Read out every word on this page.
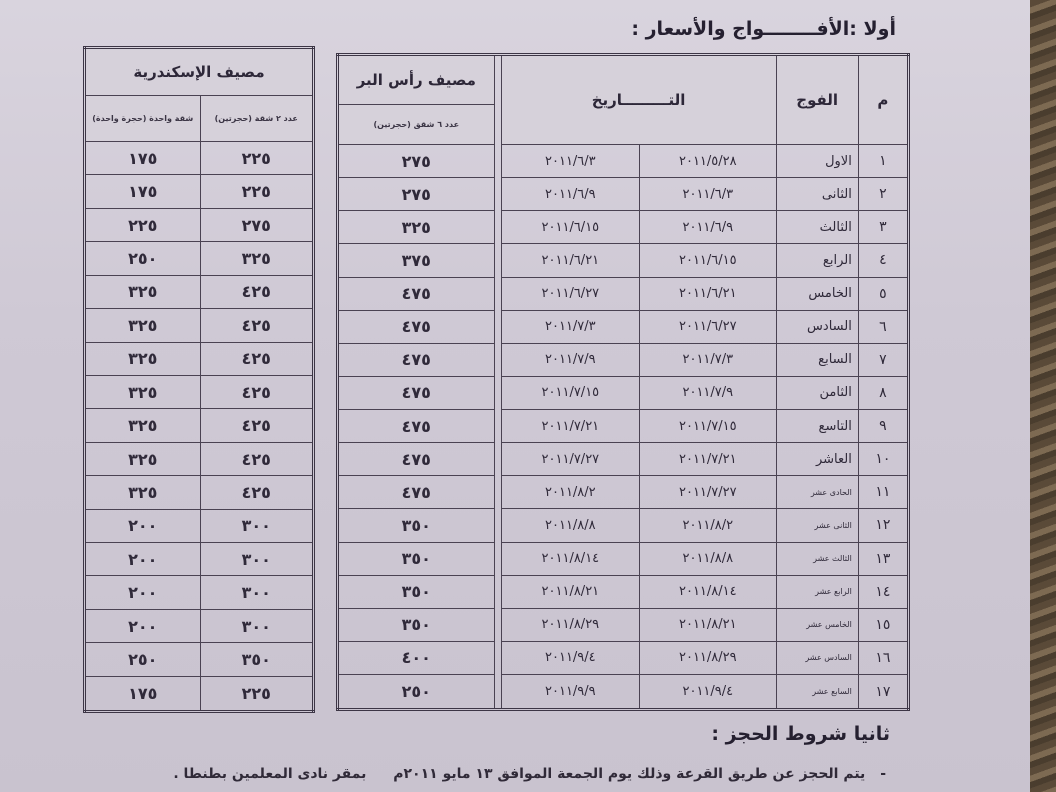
أولا :الأفــــــــواج والأسعار :
م	الفوج	التـــــــــاريخ			مصيف رأس البر
					عدد ٦ شقق (حجرتين)
١	الاول	٢٠١١/٥/٢٨	٢٠١١/٦/٣		٢٧٥
٢	الثانى	٢٠١١/٦/٣	٢٠١١/٦/٩		٢٧٥
٣	الثالث	٢٠١١/٦/٩	٢٠١١/٦/١٥		٣٢٥
٤	الرابع	٢٠١١/٦/١٥	٢٠١١/٦/٢١		٣٧٥
٥	الخامس	٢٠١١/٦/٢١	٢٠١١/٦/٢٧		٤٧٥
٦	السادس	٢٠١١/٦/٢٧	٢٠١١/٧/٣		٤٧٥
٧	السابع	٢٠١١/٧/٣	٢٠١١/٧/٩		٤٧٥
٨	الثامن	٢٠١١/٧/٩	٢٠١١/٧/١٥		٤٧٥
٩	التاسع	٢٠١١/٧/١٥	٢٠١١/٧/٢١		٤٧٥
١٠	العاشر	٢٠١١/٧/٢١	٢٠١١/٧/٢٧		٤٧٥
١١	الحادى عشر	٢٠١١/٧/٢٧	٢٠١١/٨/٢		٤٧٥
١٢	الثانى عشر	٢٠١١/٨/٢	٢٠١١/٨/٨		٣٥٠
١٣	الثالث عشر	٢٠١١/٨/٨	٢٠١١/٨/١٤		٣٥٠
١٤	الرابع عشر	٢٠١١/٨/١٤	٢٠١١/٨/٢١		٣٥٠
١٥	الخامس عشر	٢٠١١/٨/٢١	٢٠١١/٨/٢٩		٣٥٠
١٦	السادس عشر	٢٠١١/٨/٢٩	٢٠١١/٩/٤		٤٠٠
١٧	السابع عشر	٢٠١١/٩/٤	٢٠١١/٩/٩		٢٥٠
مصيف الإسكندرية	
عدد ٢ شقة (حجرتين)	شقة واحدة (حجرة واحدة)
٢٢٥	١٧٥
٢٢٥	١٧٥
٢٧٥	٢٢٥
٣٢٥	٢٥٠
٤٢٥	٣٢٥
٤٢٥	٣٢٥
٤٢٥	٣٢٥
٤٢٥	٣٢٥
٤٢٥	٣٢٥
٤٢٥	٣٢٥
٤٢٥	٣٢٥
٣٠٠	٢٠٠
٣٠٠	٢٠٠
٣٠٠	٢٠٠
٣٠٠	٢٠٠
٣٥٠	٢٥٠
٢٢٥	١٧٥
ثانيا شروط الحجز :
- يتم الحجز عن طريق القرعة وذلك يوم الجمعة الموافق ١٣ مايو ٢٠١١م بمقر نادى المعلمين بطنطا .
